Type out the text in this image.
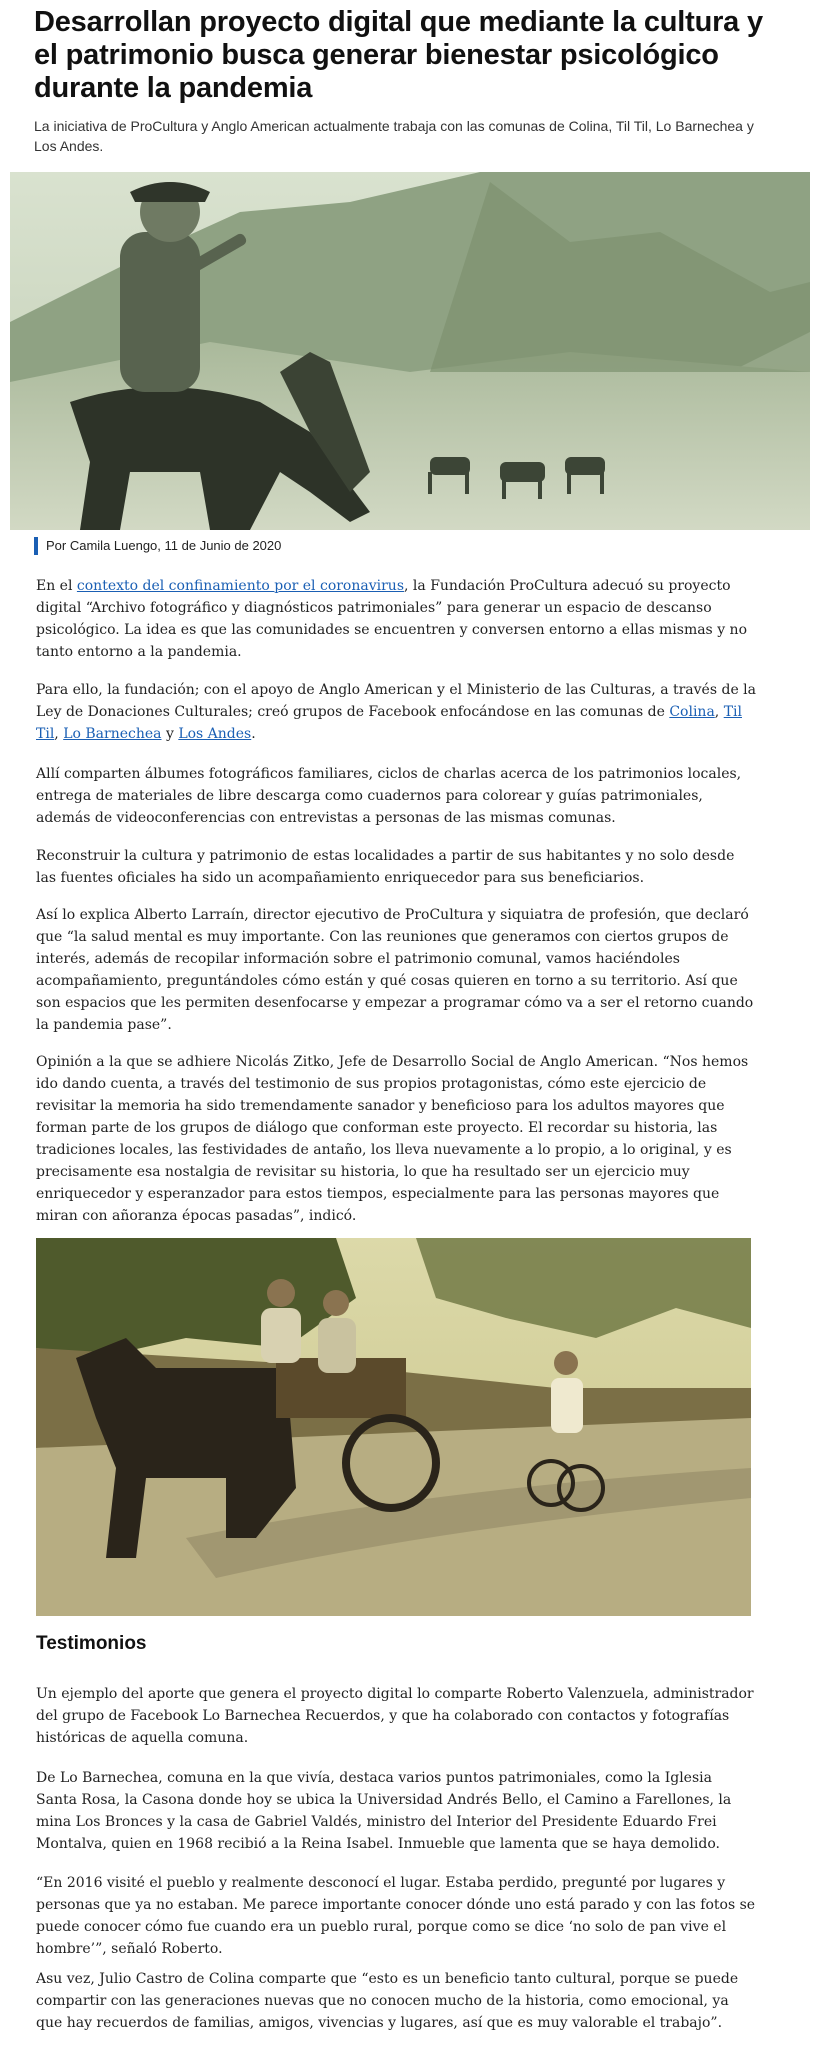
Desarrollan proyecto digital que mediante la cultura y el patrimonio busca generar bienestar psicológico durante la pandemia

La iniciativa de ProCultura y Anglo American actualmente trabaja con las comunas de Colina, Til Til, Lo Barnechea y Los Andes.

Por Camila Luengo, 11 de Junio de 2020

En el contexto del confinamiento por el coronavirus, la Fundación ProCultura adecuó su proyecto digital “Archivo fotográfico y diagnósticos patrimoniales” para generar un espacio de descanso psicológico. La idea es que las comunidades se encuentren y conversen entorno a ellas mismas y no tanto entorno a la pandemia.

Para ello, la fundación; con el apoyo de Anglo American y el Ministerio de las Culturas, a través de la Ley de Donaciones Culturales; creó grupos de Facebook enfocándose en las comunas de Colina, Til Til, Lo Barnechea y Los Andes.

Allí comparten álbumes fotográficos familiares, ciclos de charlas acerca de los patrimonios locales, entrega de materiales de libre descarga como cuadernos para colorear y guías patrimoniales, además de videoconferencias con entrevistas a personas de las mismas comunas.

Reconstruir la cultura y patrimonio de estas localidades a partir de sus habitantes y no solo desde las fuentes oficiales ha sido un acompañamiento enriquecedor para sus beneficiarios.

Así lo explica Alberto Larraín, director ejecutivo de ProCultura y siquiatra de profesión, que declaró que “la salud mental es muy importante. Con las reuniones que generamos con ciertos grupos de interés, además de recopilar información sobre el patrimonio comunal, vamos haciéndoles acompañamiento, preguntándoles cómo están y qué cosas quieren en torno a su territorio. Así que son espacios que les permiten desenfocarse y empezar a programar cómo va a ser el retorno cuando la pandemia pase”.

Opinión a la que se adhiere Nicolás Zitko, Jefe de Desarrollo Social de Anglo American. “Nos hemos ido dando cuenta, a través del testimonio de sus propios protagonistas, cómo este ejercicio de revisitar la memoria ha sido tremendamente sanador y beneficioso para los adultos mayores que forman parte de los grupos de diálogo que conforman este proyecto. El recordar su historia, las tradiciones locales, las festividades de antaño, los lleva nuevamente a lo propio, a lo original, y es precisamente esa nostalgia de revisitar su historia, lo que ha resultado ser un ejercicio muy enriquecedor y esperanzador para estos tiempos, especialmente para las personas mayores que miran con añoranza épocas pasadas”, indicó.

Testimonios

Un ejemplo del aporte que genera el proyecto digital lo comparte Roberto Valenzuela, administrador del grupo de Facebook Lo Barnechea Recuerdos, y que ha colaborado con contactos y fotografías históricas de aquella comuna.

De Lo Barnechea, comuna en la que vivía, destaca varios puntos patrimoniales, como la Iglesia Santa Rosa, la Casona donde hoy se ubica la Universidad Andrés Bello, el Camino a Farellones, la mina Los Bronces y la casa de Gabriel Valdés, ministro del Interior del Presidente Eduardo Frei Montalva, quien en 1968 recibió a la Reina Isabel. Inmueble que lamenta que se haya demolido.

“En 2016 visité el pueblo y realmente desconocí el lugar. Estaba perdido, pregunté por lugares y personas que ya no estaban. Me parece importante conocer dónde uno está parado y con las fotos se puede conocer cómo fue cuando era un pueblo rural, porque como se dice ‘no solo de pan vive el hombre’”, señaló Roberto.

Asu vez, Julio Castro de Colina comparte que “esto es un beneficio tanto cultural, porque se puede compartir con las generaciones nuevas que no conocen mucho de la historia, como emocional, ya que hay recuerdos de familias, amigos, vivencias y lugares, así que es muy valorable el trabajo”.
